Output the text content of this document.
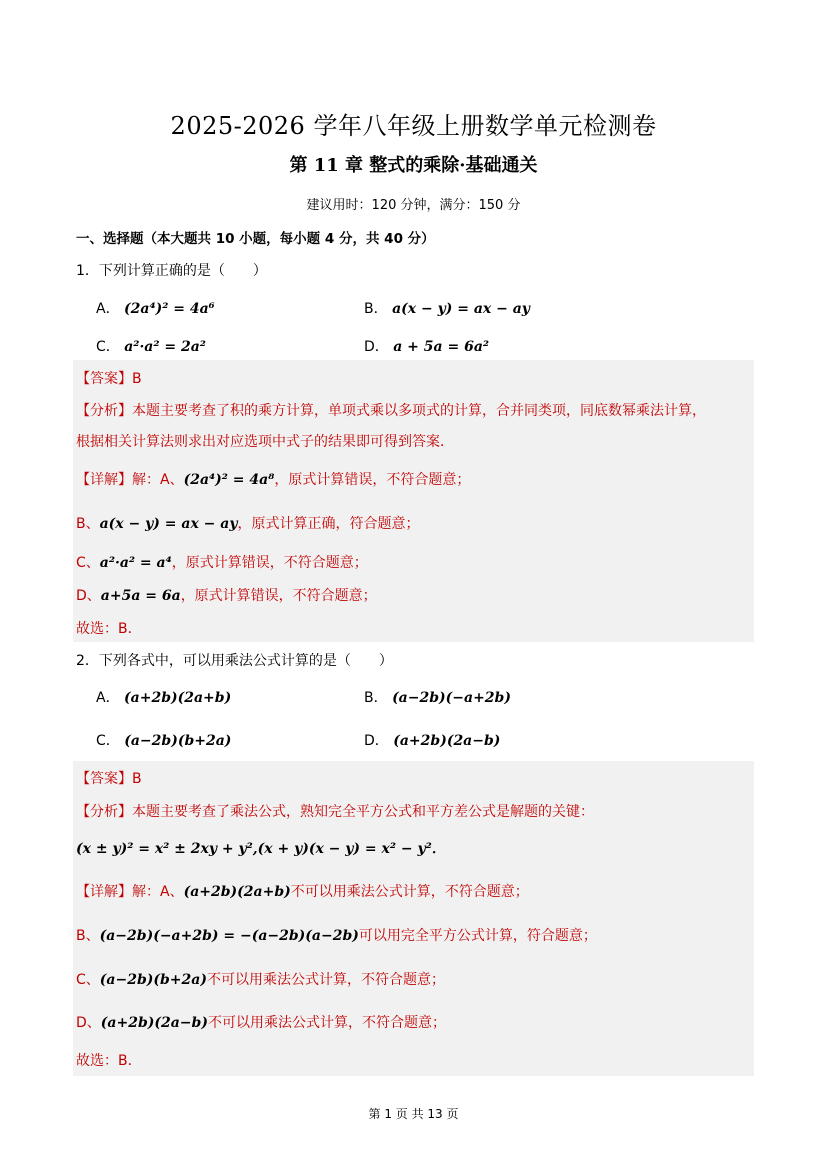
2025-2026 学年八年级上册数学单元检测卷
第 11 章 整式的乘除·基础通关
建议用时：120 分钟，满分：150 分
一、选择题（本大题共 10 小题，每小题 4 分，共 40 分）
1．下列计算正确的是（　　）
A． (2a⁴)² = 4a⁶	B． a(x − y) = ax − ay
C． a²·a² = 2a²	D． a + 5a = 6a²
【答案】B
【分析】本题主要考查了积的乘方计算，单项式乘以多项式的计算，合并同类项，同底数幂乘法计算，
根据相关计算法则求出对应选项中式子的结果即可得到答案．
【详解】解：A、(2a⁴)² = 4a⁸，原式计算错误，不符合题意；
B、a(x − y) = ax − ay，原式计算正确，符合题意；
C、a²·a² = a⁴，原式计算错误，不符合题意；
D、a+5a = 6a，原式计算错误，不符合题意；
故选：B．
2．下列各式中，可以用乘法公式计算的是（　　）
A． (a+2b)(2a+b)	B． (a−2b)(−a+2b)
C． (a−2b)(b+2a)	D． (a+2b)(2a−b)
【答案】B
【分析】本题主要考查了乘法公式，熟知完全平方公式和平方差公式是解题的关键：
(x ± y)² = x² ± 2xy + y²,(x + y)(x − y) = x² − y²．
【详解】解：A、(a+2b)(2a+b)不可以用乘法公式计算，不符合题意；
B、(a−2b)(−a+2b) = −(a−2b)(a−2b)可以用完全平方公式计算，符合题意；
C、(a−2b)(b+2a)不可以用乘法公式计算，不符合题意；
D、(a+2b)(2a−b)不可以用乘法公式计算，不符合题意；
故选：B．
第 1 页 共 13 页
